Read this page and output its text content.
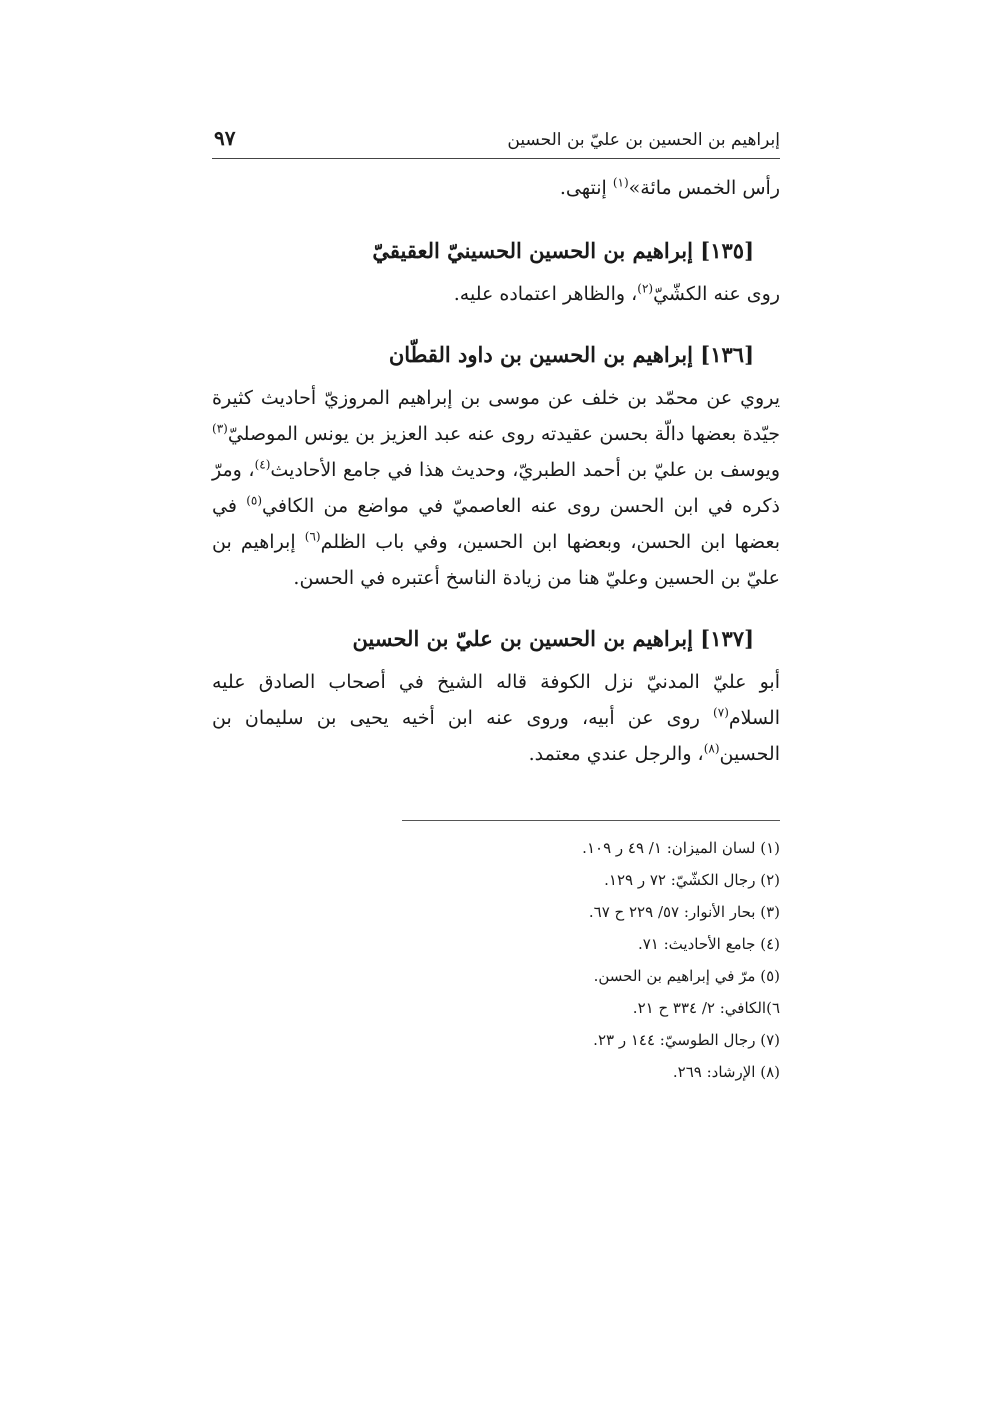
إبراهيم بن الحسين بن عليّ بن الحسين
٩٧

رأس الخمس مائة»$^{(١)}$ إنتهى.

[١٣٥] إبراهيم بن الحسين الحسينيّ العقيقيّ

روى عنه الكشّيّ$^{(٢)}$، والظاهر اعتماده عليه.

[١٣٦] إبراهيم بن الحسين بن داود القطّان

يروي عن محمّد بن خلف عن موسى بن إبراهيم المروزيّ أحاديث كثيرة جيّدة بعضها دالّة بحسن عقيدته روى عنه عبد العزيز بن يونس الموصليّ$^{(٣)}$ ويوسف بن عليّ بن أحمد الطبريّ، وحديث هذا في جامع الأحاديث$^{(٤)}$، ومرّ ذكره في ابن الحسن روى عنه العاصميّ في مواضع من الكافي$^{(٥)}$ في بعضها ابن الحسن، وبعضها ابن الحسين، وفي باب الظلم$^{(٦)}$ إبراهيم بن عليّ بن الحسين وعليّ هنا من زيادة الناسخ أعتبره في الحسن.

[١٣٧] إبراهيم بن الحسين بن عليّ بن الحسين

أبو عليّ المدنيّ نزل الكوفة قاله الشيخ في أصحاب الصادق عليه السلام$^{(٧)}$ روى عن أبيه، وروى عنه ابن أخيه يحيى بن سليمان بن الحسين$^{(٨)}$، والرجل عندي معتمد.

(١) لسان الميزان: ١/ ٤٩ ر ١٠٩.
(٢) رجال الكشّيّ: ٧٢ ر ١٢٩.
(٣) بحار الأنوار: ٥٧/ ٢٢٩ ح ٦٧.
(٤) جامع الأحاديث: ٧١.
(٥) مرّ في إبراهيم بن الحسن.
٦)الكافي: ٢/ ٣٣٤ ح ٢١.
(٧) رجال الطوسيّ: ١٤٤ ر ٢٣.
(٨) الإرشاد: ٢٦٩.
